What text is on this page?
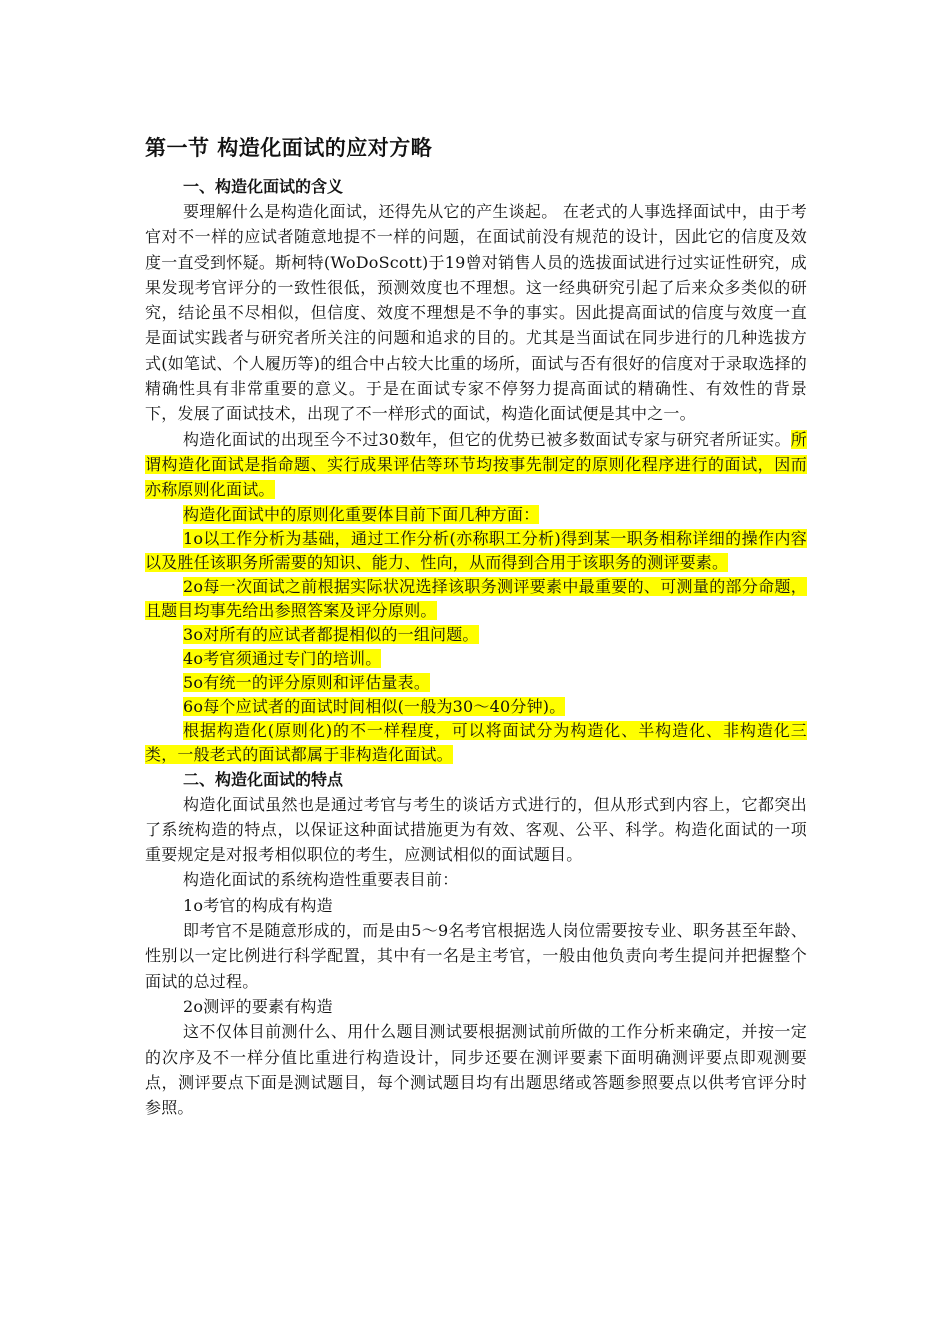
第一节 构造化面试的应对方略
一、构造化面试的含义

要理解什么是构造化面试，还得先从它的产生谈起。 在老式的人事选择面试中，由于考官对不一样的应试者随意地提不一样的问题，在面试前没有规范的设计，因此它的信度及效度一直受到怀疑。斯柯特(WoDoScott)于19曾对销售人员的选拔面试进行过实证性研究，成果发现考官评分的一致性很低，预测效度也不理想。这一经典研究引起了后来众多类似的研究，结论虽不尽相似，但信度、效度不理想是不争的事实。因此提高面试的信度与效度一直是面试实践者与研究者所关注的问题和追求的目的。尤其是当面试在同步进行的几种选拔方式(如笔试、个人履历等)的组合中占较大比重的场所，面试与否有很好的信度对于录取选择的精确性具有非常重要的意义。于是在面试专家不停努力提高面试的精确性、有效性的背景下，发展了面试技术，出现了不一样形式的面试，构造化面试便是其中之一。

构造化面试的出现至今不过30数年，但它的优势已被多数面试专家与研究者所证实。所谓构造化面试是指命题、实行成果评估等环节均按事先制定的原则化程序进行的面试，因而亦称原则化面试。

构造化面试中的原则化重要体目前下面几种方面：

1o以工作分析为基础，通过工作分析(亦称职工分析)得到某一职务相称详细的操作内容以及胜任该职务所需要的知识、能力、性向，从而得到合用于该职务的测评要素。

2o每一次面试之前根据实际状况选择该职务测评要素中最重要的、可测量的部分命题，且题目均事先给出参照答案及评分原则。

3o对所有的应试者都提相似的一组问题。

4o考官须通过专门的培训。

5o有统一的评分原则和评估量表。

6o每个应试者的面试时间相似(一般为30～40分钟)。

根据构造化(原则化)的不一样程度，可以将面试分为构造化、半构造化、非构造化三类，一般老式的面试都属于非构造化面试。

二、构造化面试的特点

构造化面试虽然也是通过考官与考生的谈话方式进行的，但从形式到内容上，它都突出了系统构造的特点，以保证这种面试措施更为有效、客观、公平、科学。构造化面试的一项重要规定是对报考相似职位的考生，应测试相似的面试题目。

构造化面试的系统构造性重要表目前：

1o考官的构成有构造

即考官不是随意形成的，而是由5～9名考官根据选人岗位需要按专业、职务甚至年龄、性别以一定比例进行科学配置，其中有一名是主考官，一般由他负责向考生提问并把握整个面试的总过程。

2o测评的要素有构造

这不仅体目前测什么、用什么题目测试要根据测试前所做的工作分析来确定，并按一定的次序及不一样分值比重进行构造设计，同步还要在测评要素下面明确测评要点即观测要点，测评要点下面是测试题目，每个测试题目均有出题思绪或答题参照要点以供考官评分时参照。
